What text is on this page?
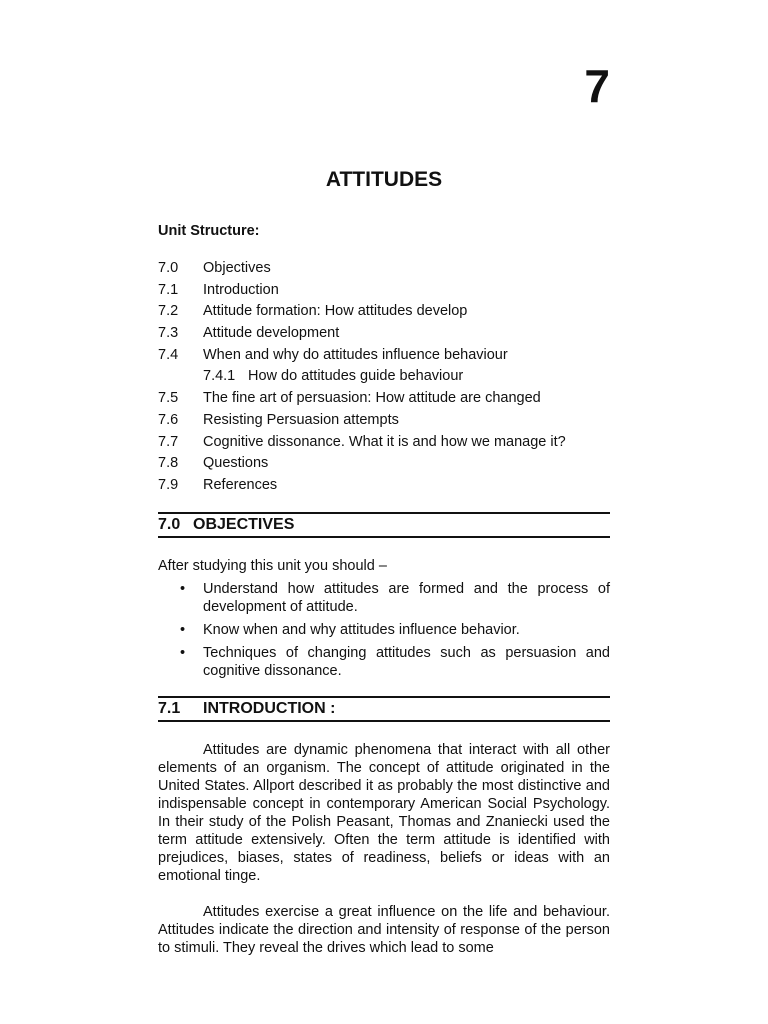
7
ATTITUDES
Unit Structure:
7.0 Objectives
7.1 Introduction
7.2 Attitude formation: How attitudes develop
7.3 Attitude development
7.4 When and why do attitudes influence behaviour
7.4.1 How do attitudes guide behaviour
7.5 The fine art of persuasion: How attitude are changed
7.6 Resisting Persuasion attempts
7.7 Cognitive dissonance. What it is and how we manage it?
7.8 Questions
7.9 References
7.0 OBJECTIVES

After studying this unit you should –

• Understand how attitudes are formed and the process of development of attitude.
• Know when and why attitudes influence behavior.
• Techniques of changing attitudes such as persuasion and cognitive dissonance.
7.1 INTRODUCTION :

Attitudes are dynamic phenomena that interact with all other elements of an organism. The concept of attitude originated in the United States. Allport described it as probably the most distinctive and indispensable concept in contemporary American Social Psychology. In their study of the Polish Peasant, Thomas and Znaniecki used the term attitude extensively. Often the term attitude is identified with prejudices, biases, states of readiness, beliefs or ideas with an emotional tinge.

Attitudes exercise a great influence on the life and behaviour. Attitudes indicate the direction and intensity of response of the person to stimuli. They reveal the drives which lead to some
